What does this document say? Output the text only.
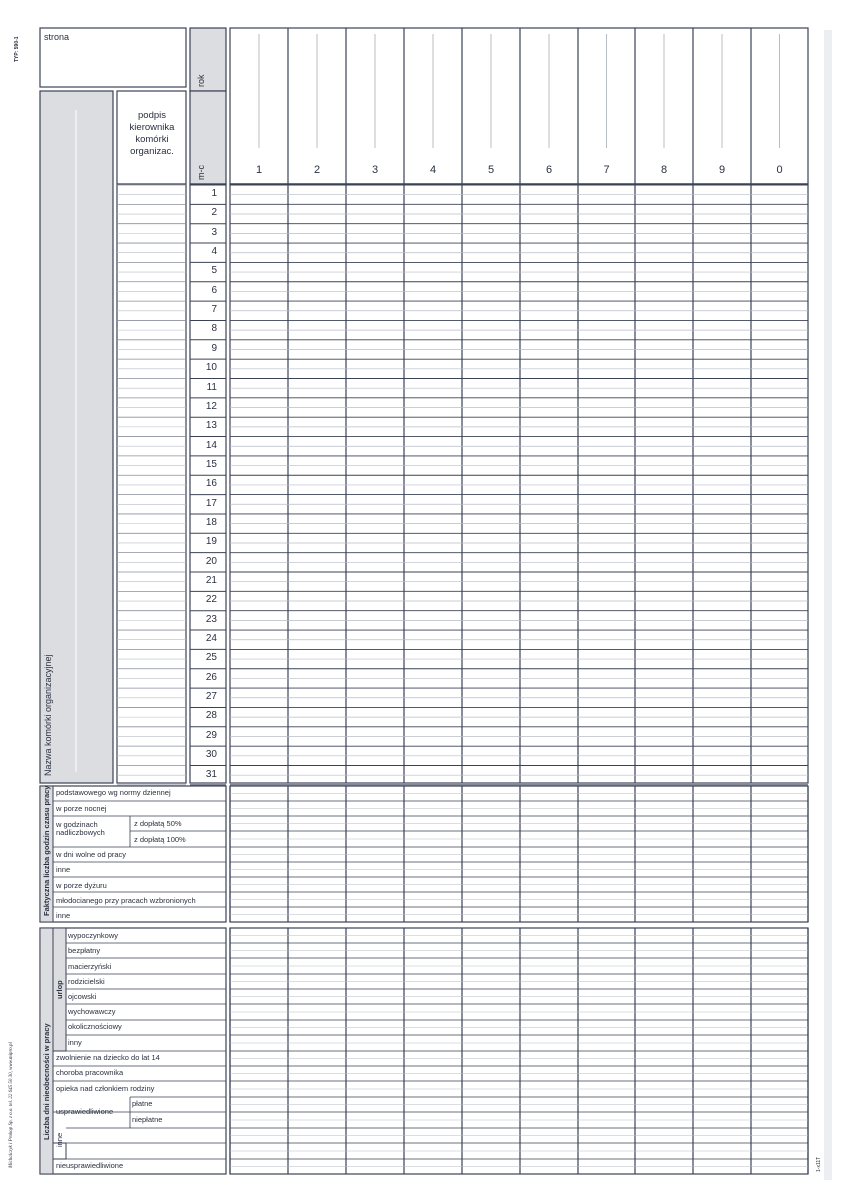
TYP: 590-1
Michalczyk i Prokop Sp. z o.o. tel. 22 645 50 30, www.mipro.pl	1-x11T
strona
rok
m-c
Nazwa komórki organizacyjnej
podpis
kierownika
komórki
organizac.
1	2	3	4	5	6	7	8	9	0
1
2
3
4
5
6
7
8
9
10
11
12
13
14
15
16
17
18
19
20
21
22
23
24
25
26
27
28
29
30
31
Faktyczna liczba godzin czasu pracy podstawowego wg normy dziennej
w porze nocnej
w godzinach nadliczbowych
z dopłatą 50%
z dopłatą 100%
w dni wolne od pracy
inne
w porze dyżuru
młodocianego przy pracach wzbronionych
inne
Liczba dni nieobecności w pracy
urlop
wypoczynkowy
bezpłatny
macierzyński
rodzicielski
ojcowski
wychowawczy
okolicznościowy
inny
zwolnienie na dziecko do lat 14
choroba pracownika
opieka nad członkiem rodziny
usprawiedliwione
płatne
niepłatne
inne
nieusprawiedliwione
